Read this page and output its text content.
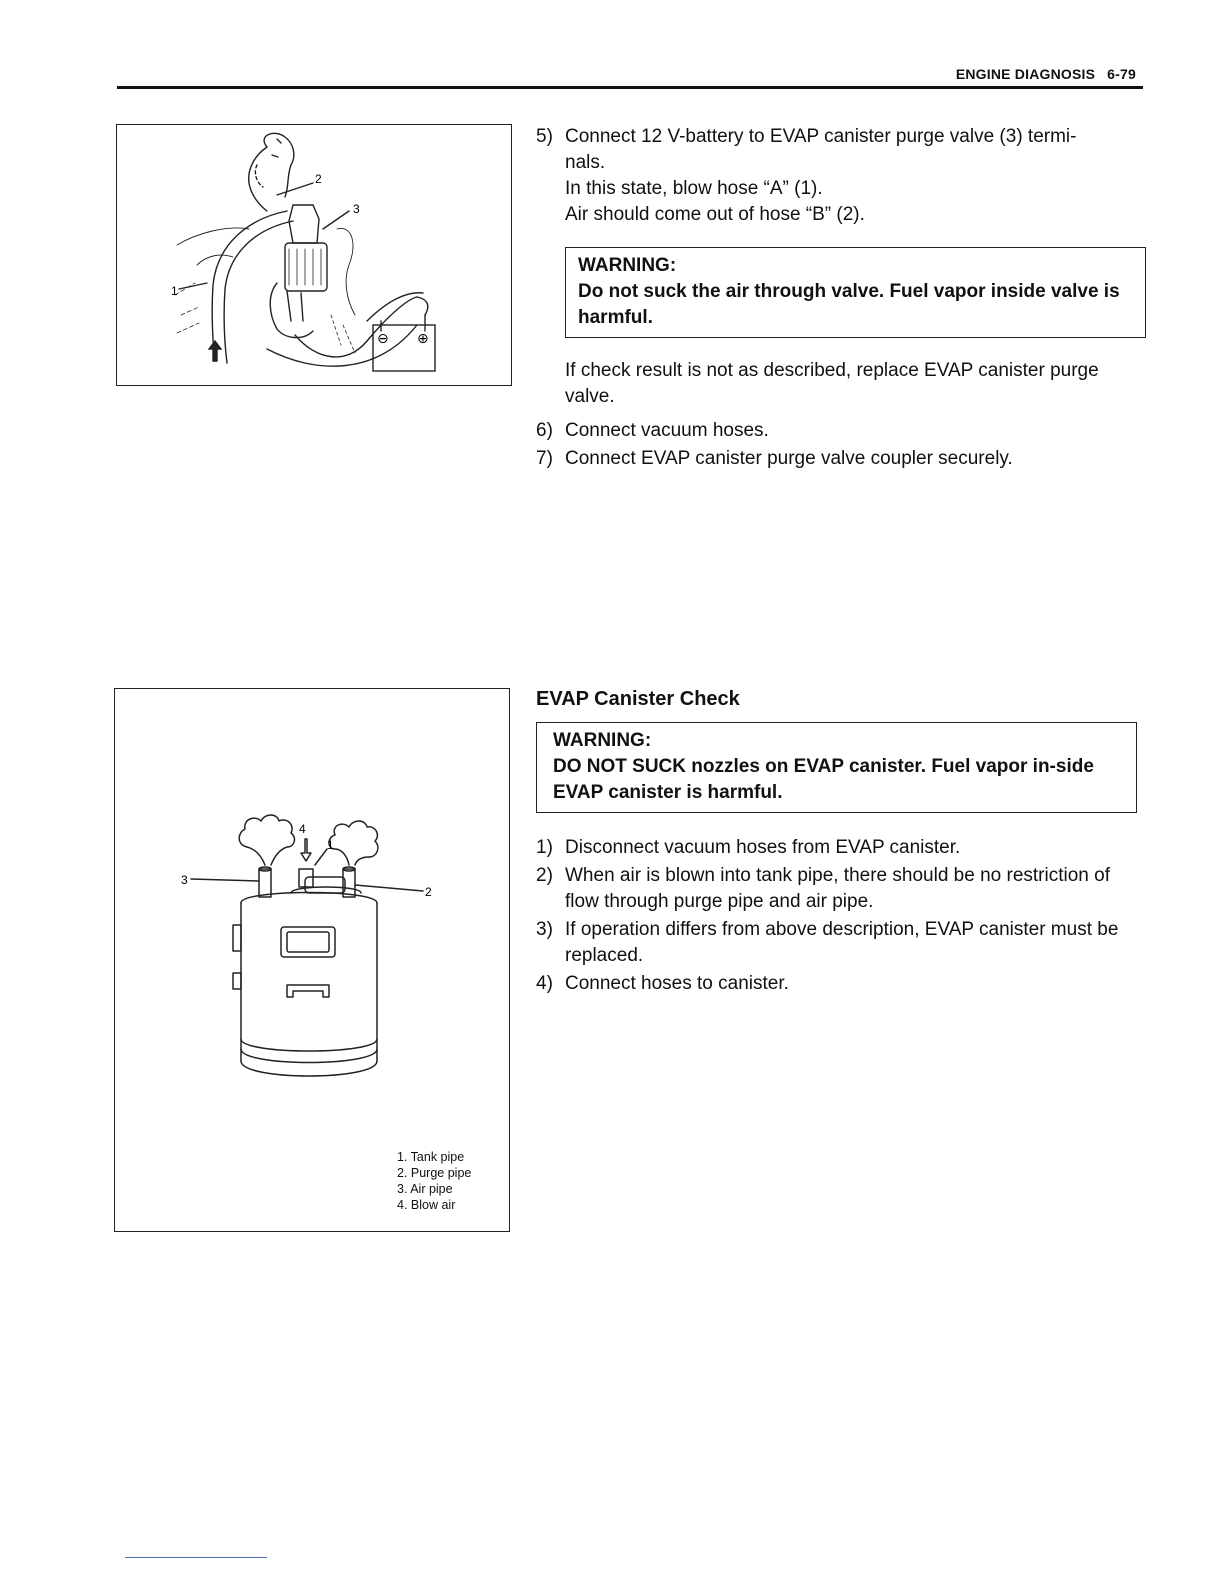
ENGINE DIAGNOSIS 6-79
2
3
1
⊖ ⊕
5) Connect 12 V-battery to EVAP canister purge valve (3) termi-

nals.

In this state, blow hose “A” (1).

Air should come out of hose “B” (2).

WARNING:
Do not suck the air through valve. Fuel vapor inside valve is harmful.

If check result is not as described, replace EVAP canister purge valve.

6) Connect vacuum hoses.

7) Connect EVAP canister purge valve coupler securely.

3
2
1
4
1. Tank pipe
2. Purge pipe
3. Air pipe
4. Blow air
EVAP Canister Check
WARNING:
DO NOT SUCK nozzles on EVAP canister. Fuel vapor in-side EVAP canister is harmful.
1) Disconnect vacuum hoses from EVAP canister.

2) When air is blown into tank pipe, there should be no restriction of flow through purge pipe and air pipe.

3) If operation differs from above description, EVAP canister must be replaced.

4) Connect hoses to canister.
